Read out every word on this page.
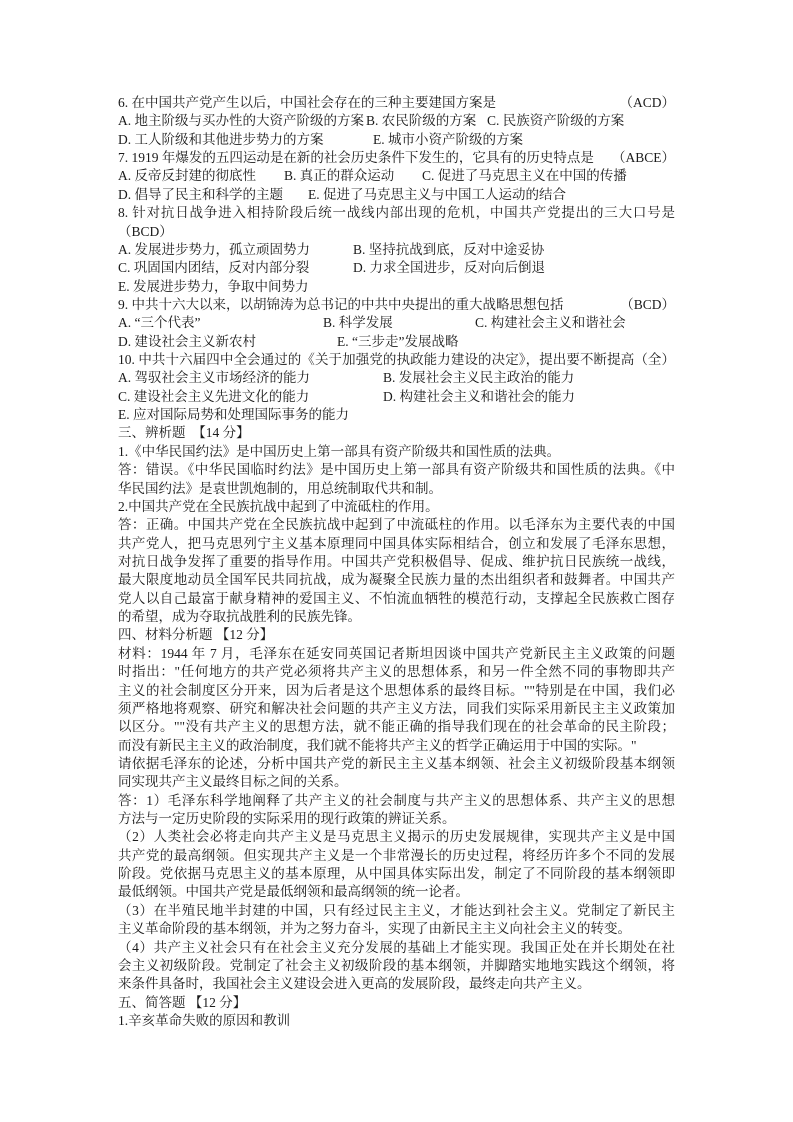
6. 在中国共产党产生以后，中国社会存在的三种主要建国方案是	（ACD）
A. 地主阶级与买办性的大资产阶级的方案 B. 农民阶级的方案 C. 民族资产阶级的方案
D. 工人阶级和其他进步势力的方案	E. 城市小资产阶级的方案
7. 1919 年爆发的五四运动是在新的社会历史条件下发生的，它具有的历史特点是 （ABCE）
A. 反帝反封建的彻底性 B. 真正的群众运动 C. 促进了马克思主义在中国的传播
D. 倡导了民主和科学的主题 E. 促进了马克思主义与中国工人运动的结合
8. 针对抗日战争进入相持阶段后统一战线内部出现的危机，中国共产党提出的三大口号是
（BCD）
A. 发展进步势力，孤立顽固势力	B. 坚持抗战到底，反对中途妥协
C. 巩固国内团结，反对内部分裂	D. 力求全国进步，反对向后倒退
E. 发展进步势力，争取中间势力
9. 中共十六大以来，以胡锦涛为总书记的中共中央提出的重大战略思想包括	（BCD）
A. “三个代表”	B. 科学发展	C. 构建社会主义和谐社会
D. 建设社会主义新农村	E. “三步走”发展战略
10. 中共十六届四中全会通过的《关于加强党的执政能力建设的决定》，提出要不断提高（全）
A. 驾驭社会主义市场经济的能力	B. 发展社会主义民主政治的能力
C. 建设社会主义先进文化的能力	D. 构建社会主义和谐社会的能力
E. 应对国际局势和处理国际事务的能力
三、辨析题　【14 分】
1.《中华民国约法》是中国历史上第一部具有资产阶级共和国性质的法典。
答：错误。《中华民国临时约法》是中国历史上第一部具有资产阶级共和国性质的法典。《中
华民国约法》是袁世凯炮制的，用总统制取代共和制。
2.中国共产党在全民族抗战中起到了中流砥柱的作用。
答：正确。中国共产党在全民族抗战中起到了中流砥柱的作用。以毛泽东为主要代表的中国
共产党人，把马克思列宁主义基本原理同中国具体实际相结合，创立和发展了毛泽东思想，
对抗日战争发挥了重要的指导作用。中国共产党积极倡导、促成、维护抗日民族统一战线，
最大限度地动员全国军民共同抗战，成为凝聚全民族力量的杰出组织者和鼓舞者。中国共产
党人以自己最富于献身精神的爱国主义、不怕流血牺牲的模范行动，支撑起全民族救亡图存
的希望，成为夺取抗战胜利的民族先锋。
四、材料分析题 【12 分】
材料：1944 年 7 月，毛泽东在延安同英国记者斯坦因谈中国共产党新民主主义政策的问题
时指出："任何地方的共产党必须将共产主义的思想体系，和另一件全然不同的事物即共产
主义的社会制度区分开来，因为后者是这个思想体系的最终目标。""特别是在中国，我们必
须严格地将观察、研究和解决社会问题的共产主义方法，同我们实际采用新民主主义政策加
以区分。""没有共产主义的思想方法，就不能正确的指导我们现在的社会革命的民主阶段；
而没有新民主主义的政治制度，我们就不能将共产主义的哲学正确运用于中国的实际。"
请依据毛泽东的论述，分析中国共产党的新民主主义基本纲领、社会主义初级阶段基本纲领
同实现共产主义最终目标之间的关系。
答：1）毛泽东科学地阐释了共产主义的社会制度与共产主义的思想体系、共产主义的思想
方法与一定历史阶段的实际采用的现行政策的辨证关系。
（2）人类社会必将走向共产主义是马克思主义揭示的历史发展规律，实现共产主义是中国
共产党的最高纲领。但实现共产主义是一个非常漫长的历史过程，将经历许多个不同的发展
阶段。党依据马克思主义的基本原理，从中国具体实际出发，制定了不同阶段的基本纲领即
最低纲领。中国共产党是最低纲领和最高纲领的统一论者。
（3）在半殖民地半封建的中国，只有经过民主主义，才能达到社会主义。党制定了新民主
主义革命阶段的基本纲领，并为之努力奋斗，实现了由新民主主义向社会主义的转变。
（4）共产主义社会只有在社会主义充分发展的基础上才能实现。我国正处在并长期处在社
会主义初级阶段。党制定了社会主义初级阶段的基本纲领，并脚踏实地地实践这个纲领，将
来条件具备时，我国社会主义建设会进入更高的发展阶段，最终走向共产主义。
五、简答题 【12 分】
1.辛亥革命失败的原因和教训
